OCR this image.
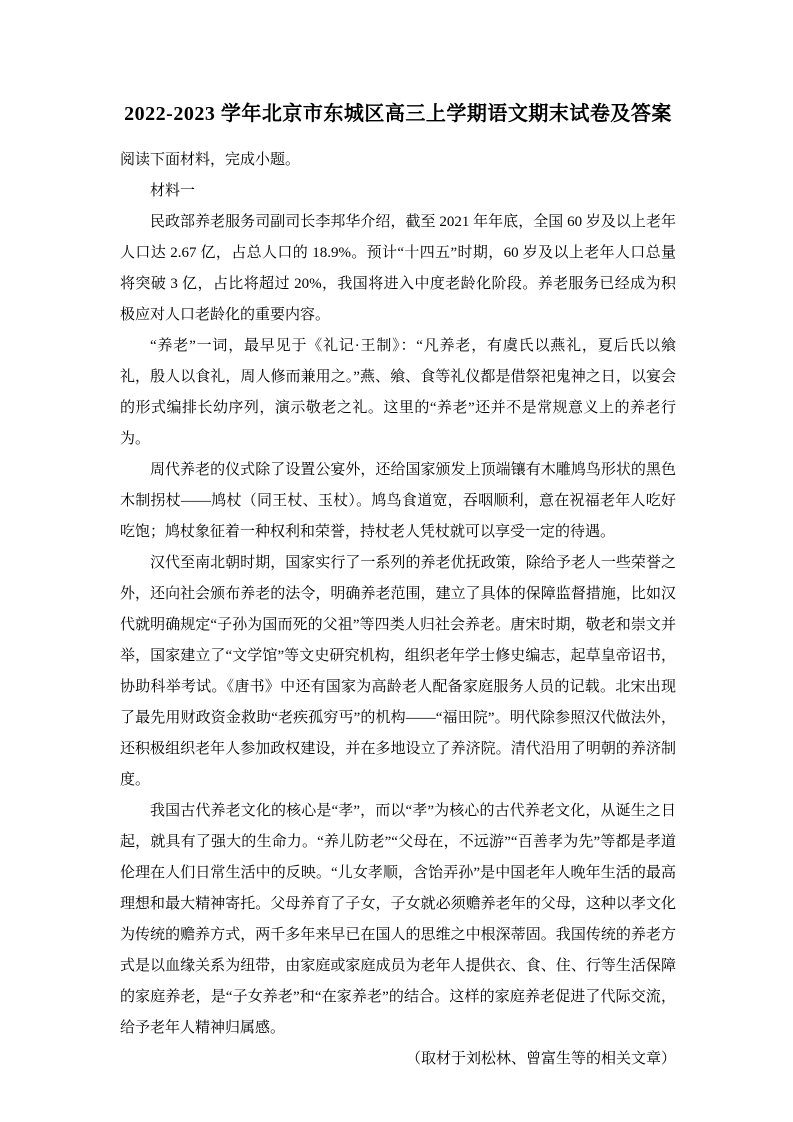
2022-2023 学年北京市东城区高三上学期语文期末试卷及答案

阅读下面材料，完成小题。

材料一

民政部养老服务司副司长李邦华介绍，截至 2021 年年底，全国 60 岁及以上老年人口达 2.67 亿，占总人口的 18.9%。预计“十四五”时期，60 岁及以上老年人口总量将突破 3 亿，占比将超过 20%，我国将进入中度老龄化阶段。养老服务已经成为积极应对人口老龄化的重要内容。

“养老”一词，最早见于《礼记·王制》：“凡养老，有虞氏以燕礼，夏后氏以飨礼，殷人以食礼，周人修而兼用之。”燕、飨、食等礼仪都是借祭祀鬼神之日，以宴会的形式编排长幼序列，演示敬老之礼。这里的“养老”还并不是常规意义上的养老行为。

周代养老的仪式除了设置公宴外，还给国家颁发上顶端镶有木雕鸠鸟形状的黑色木制拐杖——鸠杖（同王杖、玉杖）。鸠鸟食道宽，吞咽顺利，意在祝福老年人吃好吃饱；鸠杖象征着一种权利和荣誉，持杖老人凭杖就可以享受一定的待遇。

汉代至南北朝时期，国家实行了一系列的养老优抚政策，除给予老人一些荣誉之外，还向社会颁布养老的法令，明确养老范围，建立了具体的保障监督措施，比如汉代就明确规定“子孙为国而死的父祖”等四类人归社会养老。唐宋时期，敬老和崇文并举，国家建立了“文学馆”等文史研究机构，组织老年学士修史编志，起草皇帝诏书，协助科举考试。《唐书》中还有国家为高龄老人配备家庭服务人员的记载。北宋出现了最先用财政资金救助“老疾孤穷丐”的机构——“福田院”。明代除参照汉代做法外，还积极组织老年人参加政权建设，并在多地设立了养济院。清代沿用了明朝的养济制度。

我国古代养老文化的核心是“孝”，而以“孝”为核心的古代养老文化，从诞生之日起，就具有了强大的生命力。“养儿防老”“父母在，不远游”“百善孝为先”等都是孝道伦理在人们日常生活中的反映。“儿女孝顺，含饴弄孙”是中国老年人晚年生活的最高理想和最大精神寄托。父母养育了子女，子女就必须赡养老年的父母，这种以孝文化为传统的赡养方式，两千多年来早已在国人的思维之中根深蒂固。我国传统的养老方式是以血缘关系为纽带，由家庭或家庭成员为老年人提供衣、食、住、行等生活保障的家庭养老，是“子女养老”和“在家养老”的结合。这样的家庭养老促进了代际交流，给予老年人精神归属感。

（取材于刘松林、曾富生等的相关文章）
